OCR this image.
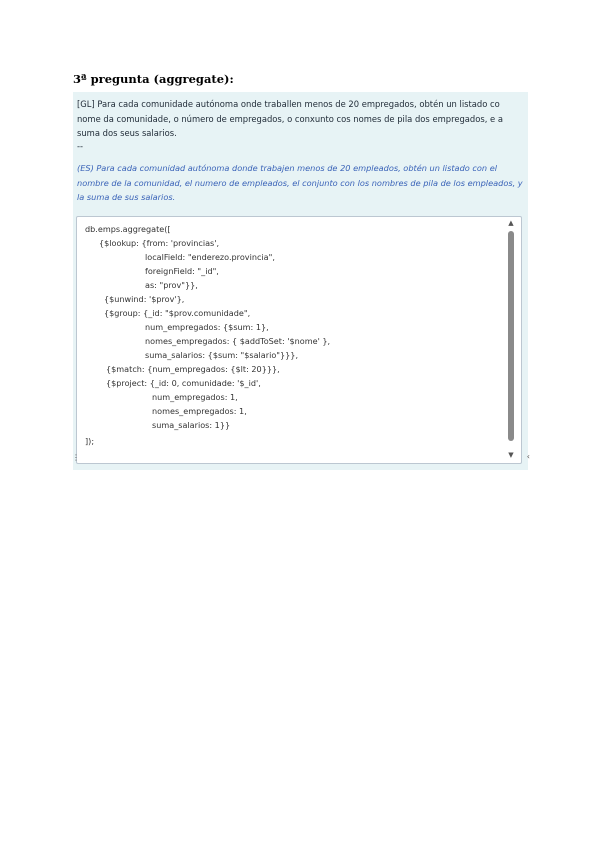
3ª pregunta (aggregate):
[GL] Para cada comunidade autónoma onde traballen menos de 20 empregados, obtén un listado co nome da comunidade, o número de empregados, o conxunto cos nomes de pila dos empregados, e a suma dos seus salarios.
--
(ES) Para cada comunidad autónoma donde trabajen menos de 20 empleados, obtén un listado con el nombre de la comunidad, el numero de empleados, el conjunto con los nombres de pila de los empleados, y la suma de sus salarios.
db.emps.aggregate([
{$lookup: {from: 'provincias',
localField: "enderezo.provincia",
foreignField: "_id",
as: "prov"}},
{$unwind: '$prov'},
{$group: {_id: "$prov.comunidade",
num_empregados: {$sum: 1},
nomes_empregados: { $addToSet: '$nome' },
suma_salarios: {$sum: "$salario"}}},
{$match: {num_empregados: {$lt: 20}}},
{$project: {_id: 0, comunidade: '$_id',
num_empregados: 1,
nomes_empregados: 1,
suma_salarios: 1}}
]);
▲
▼
⋮	‹
